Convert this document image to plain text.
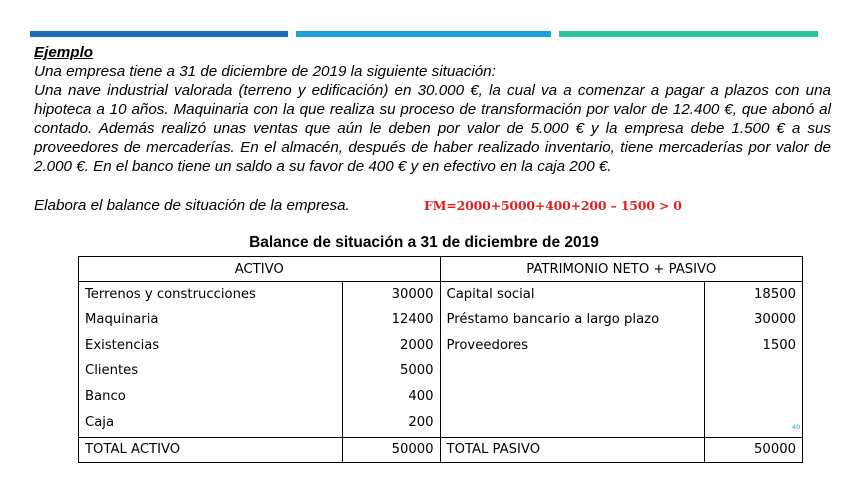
Ejemplo
Una empresa tiene a 31 de diciembre de 2019 la siguiente situación:
Una nave industrial valorada (terreno y edificación) en 30.000 €, la cual va a comenzar a pagar a plazos con una hipoteca a 10 años. Maquinaria con la que realiza su proceso de transformación por valor de 12.400 €, que abonó al contado. Además realizó unas ventas que aún le deben por valor de 5.000 € y la empresa debe 1.500 € a sus proveedores de mercaderías. En el almacén, después de haber realizado inventario, tiene mercaderías por valor de 2.000 €. En el banco tiene un saldo a su favor de 400 € y en efectivo en la caja 200 €.
Elabora el balance de situación de la empresa.	FM=2000+5000+400+200 – 1500 > 0
Balance de situación a 31 de diciembre de 2019
ACTIVO		PATRIMONIO NETO + PASIVO	
Terrenos y construcciones	30000	Capital social	18500
Maquinaria	12400	Préstamo bancario a largo plazo	30000
Existencias	2000	Proveedores	1500
Clientes	5000		
Banco	400		
Caja	200		
TOTAL ACTIVO	50000	TOTAL PASIVO	50000
40
